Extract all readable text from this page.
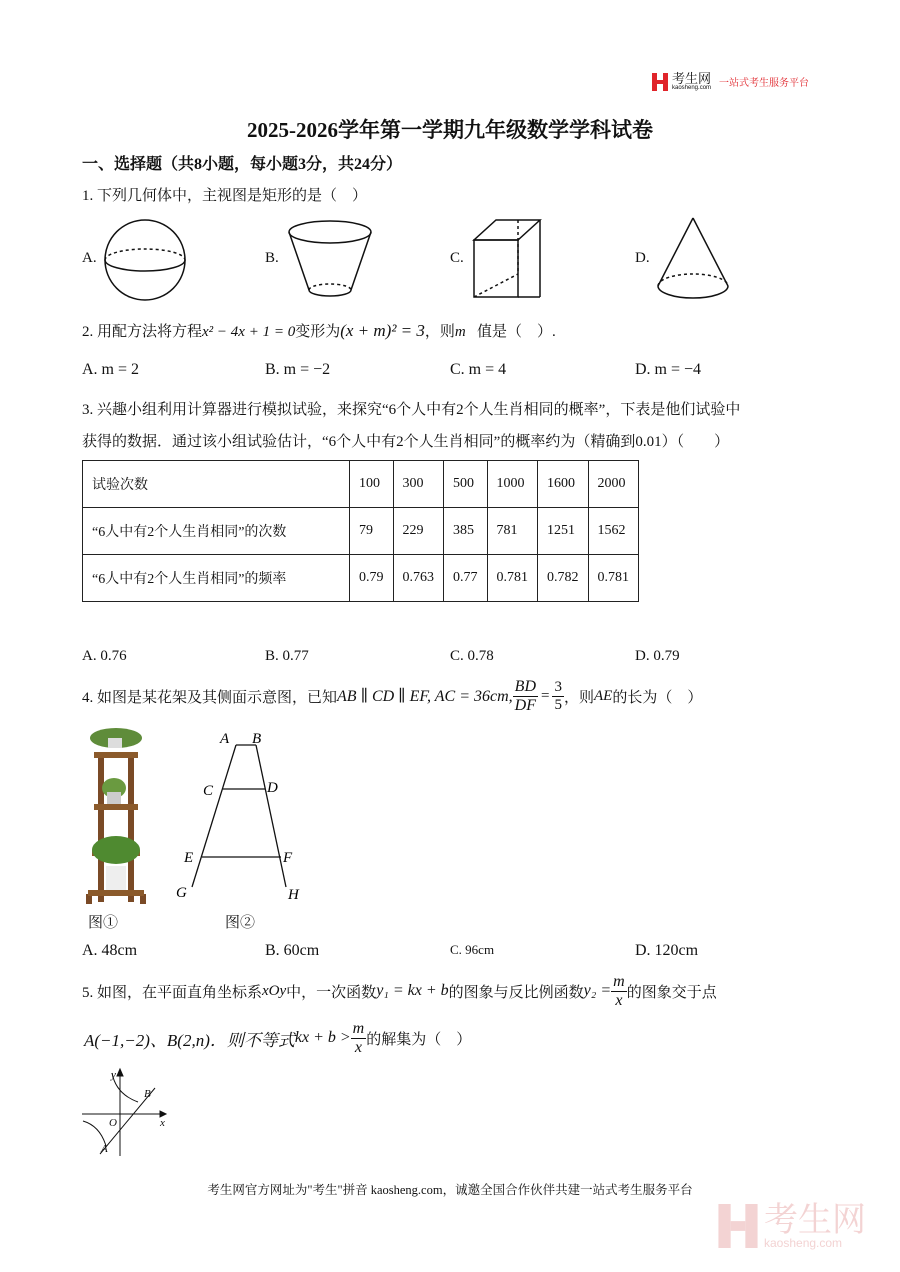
考生网
kaosheng.com 一站式考生服务平台
2025-2026学年第一学期九年级数学学科试卷
一、选择题（共8小题，每小题3分，共24分）
1. 下列几何体中，主视图是矩形的是（　）
A.	B.	C.	D.
2. 用配方法将方程x² − 4x + 1 = 0变形为(x + m)² = 3，则m 值是（　）.
A. m = 2	B. m = −2	C. m = 4	D. m = −4
3. 兴趣小组利用计算器进行模拟试验，来探究“6个人中有2个人生肖相同的概率”，下表是他们试验中
获得的数据．通过该小组试验估计，“6个人中有2个人生肖相同”的概率约为（精确到0.01）（　　）
试验次数	100	300	500	1000	1600	2000
“6人中有2个人生肖相同”的次数	79	229	385	781	1251	1562
“6人中有2个人生肖相同”的频率	0.79	0.763	0.77	0.781	0.782	0.781
A. 0.76	B. 0.77	C. 0.78	D. 0.79
4. 如图是某花架及其侧面示意图，已知 AB ∥ CD ∥ EF, AC = 36cm, $\frac{BD}{DF} = \frac{3}{5}$ ，则 AE 的长为（　）
A B
C	D
E	F
G	H
图①	图②
A. 48cm	B. 60cm	C. 96cm	D. 120cm
5. 如图，在平面直角坐标系 xOy 中，一次函数 y₁ = kx + b 的图象与反比例函数 $y_2 = \frac{m}{x}$ 的图象交于点
A(−1,−2)、B(2,n)．则不等式 kx + $b > \frac{m}{x}$ 的解集为（　）
y
x
O
A
B
考生网官方网址为"考生"拼音 kaosheng.com，诚邀全国合作伙伴共建一站式考生服务平台
考生网
kaosheng.com
